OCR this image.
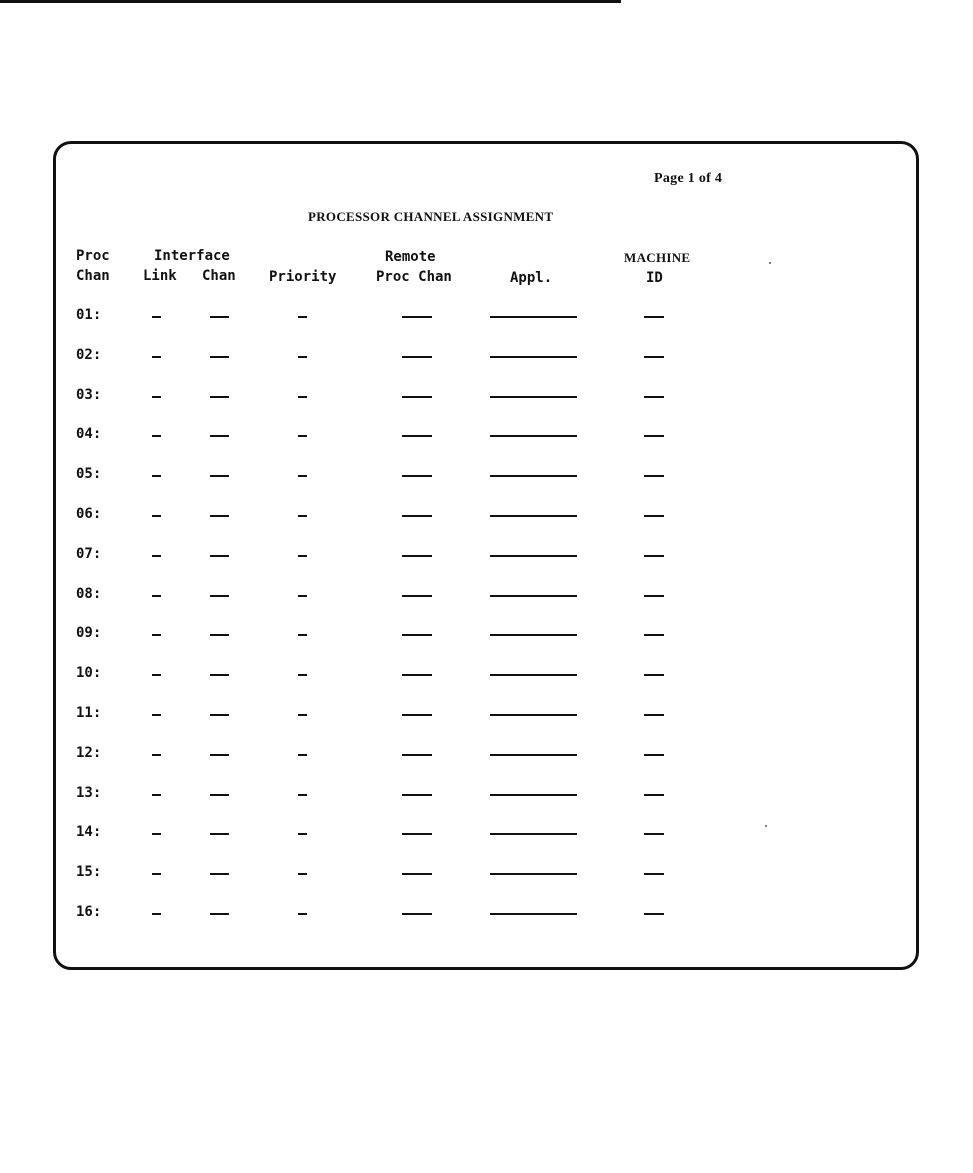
Page 1 of 4
PROCESSOR CHANNEL ASSIGNMENT
Proc
Chan
Interface
Link Chan Priority
Remote
Proc Chan	Appl.
MACHINE
ID
01:
02:
03:
04:
05:
06:
07:
08:
09:
10:
11:
12:
13:
14:
15:
16:
